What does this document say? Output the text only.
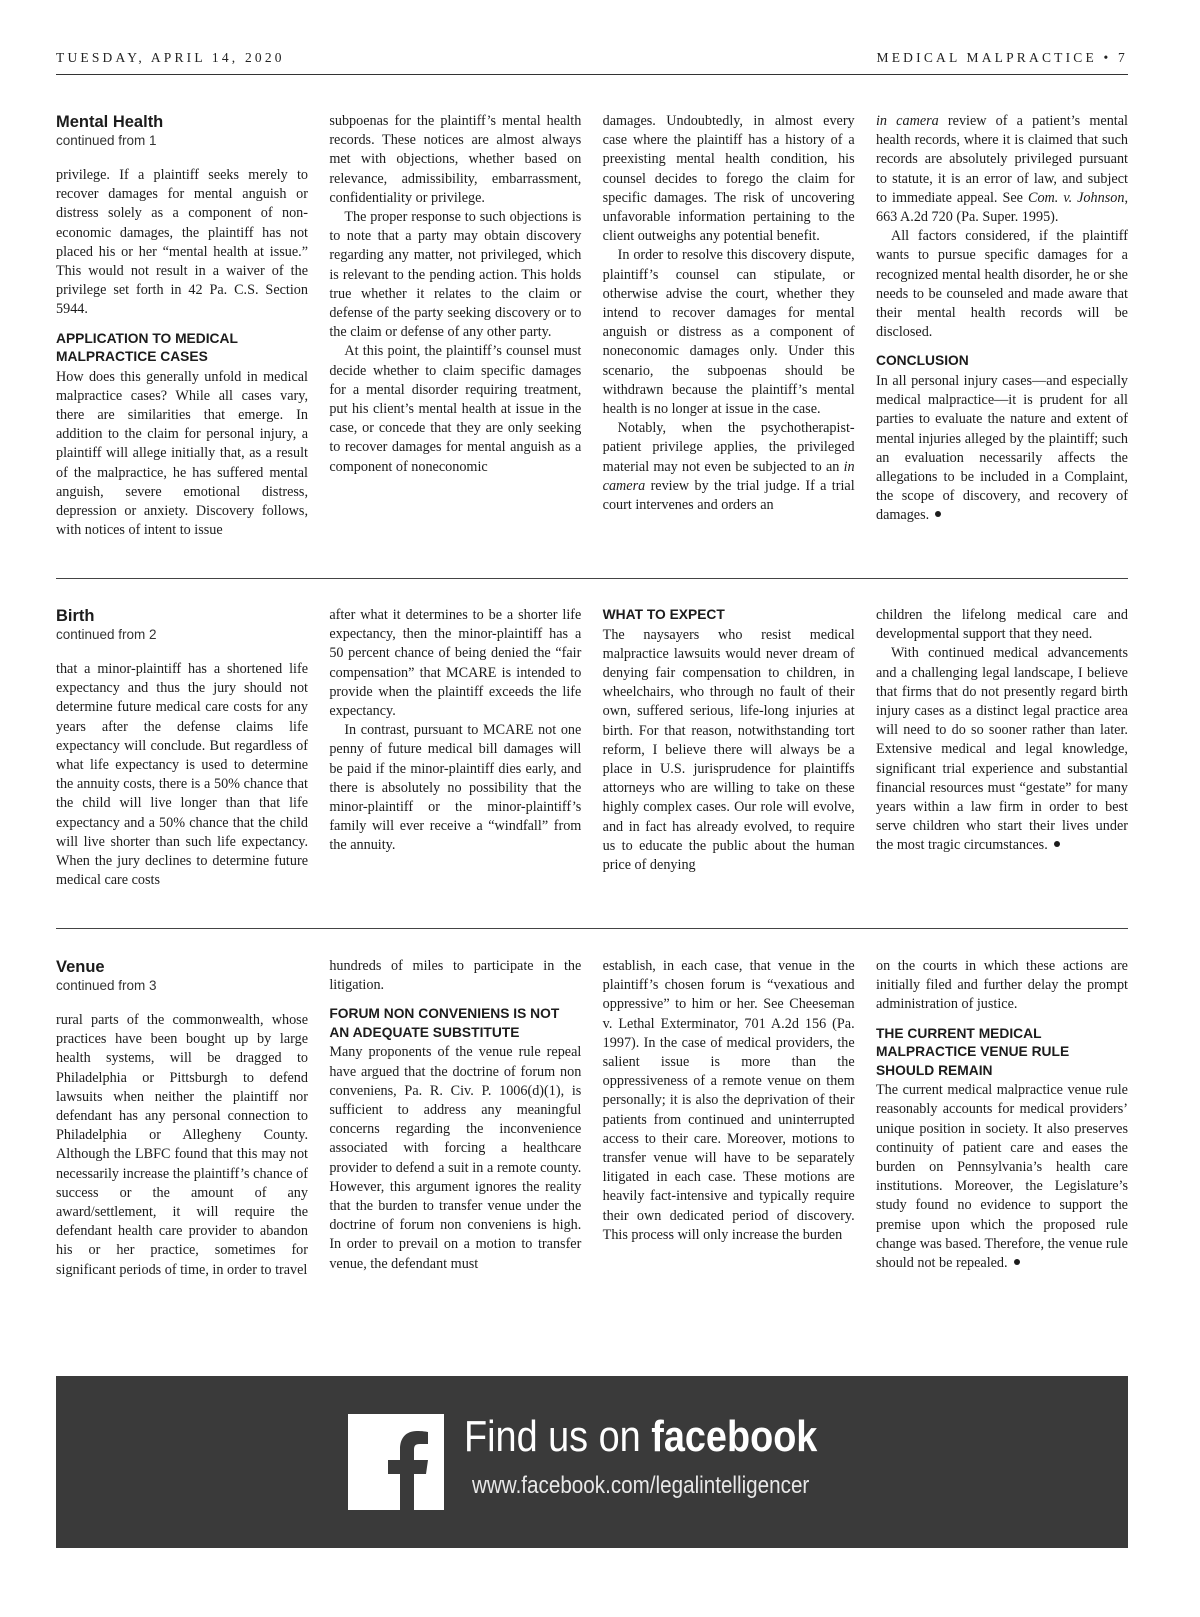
TUESDAY, APRIL 14, 2020	MEDICAL MALPRACTICE • 7
Mental Health
continued from 1

privilege. If a plaintiff seeks merely to recover damages for mental anguish or distress solely as a component of non-economic damages, the plaintiff has not placed his or her “mental health at issue.” This would not result in a waiver of the privilege set forth in 42 Pa. C.S. Section 5944.

APPLICATION TO MEDICAL MALPRACTICE CASES

How does this generally unfold in medical malpractice cases? While all cases vary, there are similarities that emerge. In addition to the claim for personal injury, a plaintiff will allege initially that, as a result of the malpractice, he has suffered mental anguish, severe emotional distress, depression or anxiety. Discovery follows, with notices of intent to issue

subpoenas for the plaintiff’s mental health records. These notices are almost always met with objections, whether based on relevance, admissibility, embarrassment, confidentiality or privilege.

The proper response to such objections is to note that a party may obtain discovery regarding any matter, not privileged, which is relevant to the pending action. This holds true whether it relates to the claim or defense of the party seeking discovery or to the claim or defense of any other party.

At this point, the plaintiff’s counsel must decide whether to claim specific damages for a mental disorder requiring treatment, put his client’s mental health at issue in the case, or concede that they are only seeking to recover damages for mental anguish as a component of noneconomic

damages. Undoubtedly, in almost every case where the plaintiff has a history of a preexisting mental health condition, his counsel decides to forego the claim for specific damages. The risk of uncovering unfavorable information pertaining to the client outweighs any potential benefit.

In order to resolve this discovery dispute, plaintiff’s counsel can stipulate, or otherwise advise the court, whether they intend to recover damages for mental anguish or distress as a component of noneconomic damages only. Under this scenario, the subpoenas should be withdrawn because the plaintiff’s mental health is no longer at issue in the case.

Notably, when the psychotherapist-patient privilege applies, the privileged material may not even be subjected to an in camera review by the trial judge. If a trial court intervenes and orders an

in camera review of a patient’s mental health records, where it is claimed that such records are absolutely privileged pursuant to statute, it is an error of law, and subject to immediate appeal. See Com. v. Johnson, 663 A.2d 720 (Pa. Super. 1995).

All factors considered, if the plaintiff wants to pursue specific damages for a recognized mental health disorder, he or she needs to be counseled and made aware that their mental health records will be disclosed.

CONCLUSION

In all personal injury cases—and especially medical malpractice—it is prudent for all parties to evaluate the nature and extent of mental injuries alleged by the plaintiff; such an evaluation necessarily affects the allegations to be included in a Complaint, the scope of discovery, and recovery of damages.

Birth
continued from 2

that a minor-plaintiff has a shortened life expectancy and thus the jury should not determine future medical care costs for any years after the defense claims life expectancy will conclude. But regardless of what life expectancy is used to determine the annuity costs, there is a 50% chance that the child will live longer than that life expectancy and a 50% chance that the child will live shorter than such life expectancy. When the jury declines to determine future medical care costs

after what it determines to be a shorter life expectancy, then the minor-plaintiff has a 50 percent chance of being denied the “fair compensation” that MCARE is intended to provide when the plaintiff exceeds the life expectancy.

In contrast, pursuant to MCARE not one penny of future medical bill damages will be paid if the minor-plaintiff dies early, and there is absolutely no possibility that the minor-plaintiff or the minor-plaintiff’s family will ever receive a “windfall” from the annuity.

WHAT TO EXPECT

The naysayers who resist medical malpractice lawsuits would never dream of denying fair compensation to children, in wheelchairs, who through no fault of their own, suffered serious, life-long injuries at birth. For that reason, notwithstanding tort reform, I believe there will always be a place in U.S. jurisprudence for plaintiffs attorneys who are willing to take on these highly complex cases. Our role will evolve, and in fact has already evolved, to require us to educate the public about the human price of denying

children the lifelong medical care and developmental support that they need.

With continued medical advancements and a challenging legal landscape, I believe that firms that do not presently regard birth injury cases as a distinct legal practice area will need to do so sooner rather than later. Extensive medical and legal knowledge, significant trial experience and substantial financial resources must “gestate” for many years within a law firm in order to best serve children who start their lives under the most tragic circumstances.

Venue
continued from 3

rural parts of the commonwealth, whose practices have been bought up by large health systems, will be dragged to Philadelphia or Pittsburgh to defend lawsuits when neither the plaintiff nor defendant has any personal connection to Philadelphia or Allegheny County. Although the LBFC found that this may not necessarily increase the plaintiff’s chance of success or the amount of any award/settlement, it will require the defendant health care provider to abandon his or her practice, sometimes for significant periods of time, in order to travel

hundreds of miles to participate in the litigation.

FORUM NON CONVENIENS IS NOT AN ADEQUATE SUBSTITUTE

Many proponents of the venue rule repeal have argued that the doctrine of forum non conveniens, Pa. R. Civ. P. 1006(d)(1), is sufficient to address any meaningful concerns regarding the inconvenience associated with forcing a healthcare provider to defend a suit in a remote county. However, this argument ignores the reality that the burden to transfer venue under the doctrine of forum non conveniens is high. In order to prevail on a motion to transfer venue, the defendant must

establish, in each case, that venue in the plaintiff’s chosen forum is “vexatious and oppressive” to him or her. See Cheeseman v. Lethal Exterminator, 701 A.2d 156 (Pa. 1997). In the case of medical providers, the salient issue is more than the oppressiveness of a remote venue on them personally; it is also the deprivation of their patients from continued and uninterrupted access to their care. Moreover, motions to transfer venue will have to be separately litigated in each case. These motions are heavily fact-intensive and typically require their own dedicated period of discovery. This process will only increase the burden

on the courts in which these actions are initially filed and further delay the prompt administration of justice.

THE CURRENT MEDICAL MALPRACTICE VENUE RULE SHOULD REMAIN

The current medical malpractice venue rule reasonably accounts for medical providers’ unique position in society. It also preserves continuity of patient care and eases the burden on Pennsylvania’s health care institutions. Moreover, the Legislature’s study found no evidence to support the premise upon which the proposed rule change was based. Therefore, the venue rule should not be repealed.

Find us on facebook
www.facebook.com/legalintelligencer
